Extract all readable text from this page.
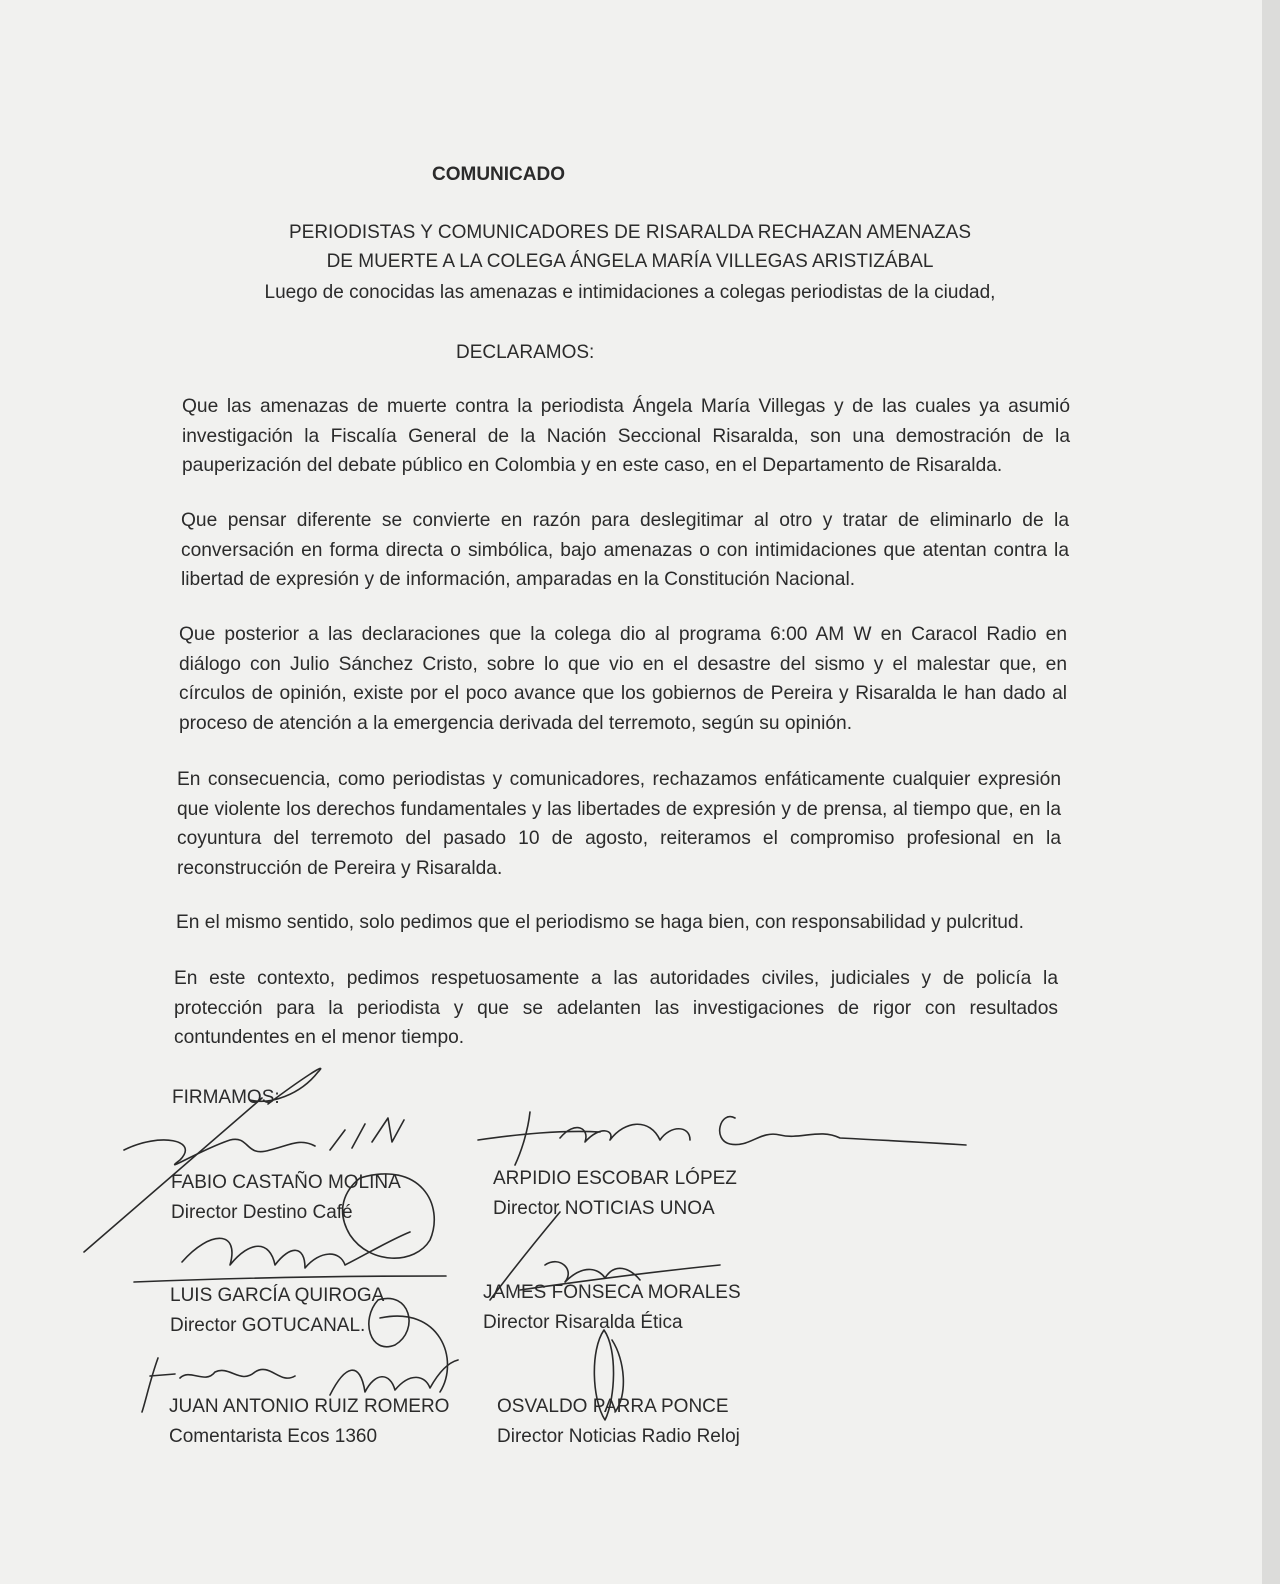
COMUNICADO
PERIODISTAS Y COMUNICADORES DE RISARALDA RECHAZAN AMENAZAS
DE MUERTE A LA COLEGA ÁNGELA MARÍA VILLEGAS ARISTIZÁBAL
Luego de conocidas las amenazas e intimidaciones a colegas periodistas de la ciudad,
DECLARAMOS:
Que las amenazas de muerte contra la periodista Ángela María Villegas y de las cuales ya asumió investigación la Fiscalía General de la Nación Seccional Risaralda, son una demostración de la pauperización del debate público en Colombia y en este caso, en el Departamento de Risaralda.
Que pensar diferente se convierte en razón para deslegitimar al otro y tratar de eliminarlo de la conversación en forma directa o simbólica, bajo amenazas o con intimidaciones que atentan contra la libertad de expresión y de información, amparadas en la Constitución Nacional.
Que posterior a las declaraciones que la colega dio al programa 6:00 AM W en Caracol Radio en diálogo con Julio Sánchez Cristo, sobre lo que vio en el desastre del sismo y el malestar que, en círculos de opinión, existe por el poco avance que los gobiernos de Pereira y Risaralda le han dado al proceso de atención a la emergencia derivada del terremoto, según su opinión.
En consecuencia, como periodistas y comunicadores, rechazamos enfáticamente cualquier expresión que violente los derechos fundamentales y las libertades de expresión y de prensa, al tiempo que, en la coyuntura del terremoto del pasado 10 de agosto, reiteramos el compromiso profesional en la reconstrucción de Pereira y Risaralda.
En el mismo sentido, solo pedimos que el periodismo se haga bien, con responsabilidad y pulcritud.
En este contexto, pedimos respetuosamente a las autoridades civiles, judiciales y de policía la protección para la periodista y que se adelanten las investigaciones de rigor con resultados contundentes en el menor tiempo.
FIRMAMOS:
FABIO CASTAÑO MOLINA
Director Destino Café
ARPIDIO ESCOBAR LÓPEZ
Director NOTICIAS UNOA
LUIS GARCÍA QUIROGA
Director GOTUCANAL.
JAMES FONSECA MORALES
Director Risaralda Ética
JUAN ANTONIO RUIZ ROMERO
Comentarista Ecos 1360
OSVALDO PARRA PONCE
Director Noticias Radio Reloj
